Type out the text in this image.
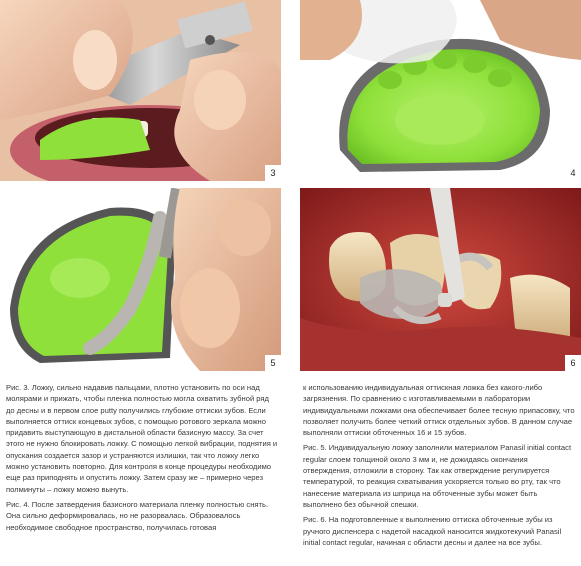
3	4
5	6

Рис. 3. Ложку, сильно надавив пальцами, плотно установить по оси над молярами и прижать, чтобы пленка полностью могла охватить зубной ряд до десны и в первом слое putty получились глубокие оттиски зубов. Если выполняется оттиск концевых зубов, с помощью ротового зеркала можно придавить выступающую в дистальной области базисную массу. За счет этого не нужно блокировать ложку. С помощью легкой вибрации, поднятия и опускания создается зазор и устраняются излишки, так что ложку легко можно установить повторно. Для контроля в конце процедуры необходимо еще раз приподнять и опустить ложку. Затем сразу же – примерно через полминуты – ложку можно вынуть.

Рис. 4. После затвердения базисного материала пленку полностью снять. Она сильно деформировалась, но не разорвалась. Образовалось необходимое свободное пространство, получилась готовая

к использованию индивидуальная оттискная ложка без какого-либо загрязнения. По сравнению с изготавливаемыми в лаборатории индивидуальными ложками она обеспечивает более тесную припасовку, что позволяет получить более четкий оттиск отдельных зубов. В данном случае выполняли оттиски обточенных 16 и 15 зубов.

Рис. 5. Индивидуальную ложку заполнили материалом Panasil initial contact regular слоем толщиной около 3 мм и, не дожидаясь окончания отверждения, отложили в сторону. Так как отверждение регулируется температурой, то реакция схватывания ускоряется только во рту, так что нанесение материала из шприца на обточенные зубы может быть выполнено без обычной спешки.

Рис. 6. На подготовленные к выполнению оттиска обточенные зубы из ручного диспенсера с надетой насадкой наносится жидкотекучий Panasil initial contact regular, начиная с области десны и далее на все зубы.
